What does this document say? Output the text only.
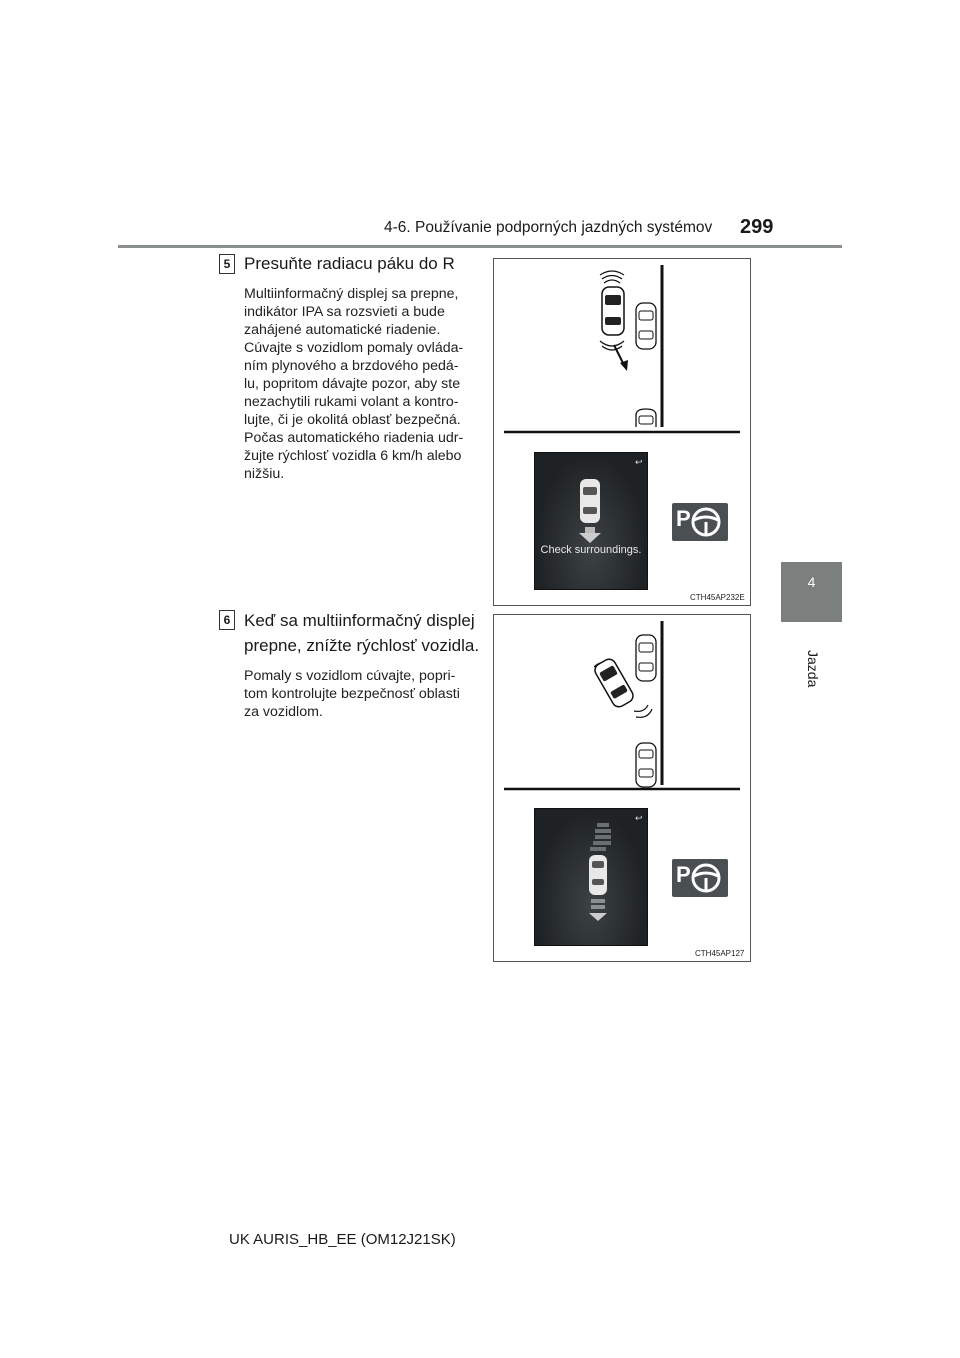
4-6. Používanie podporných jazdných systémov 299
4
Jazda
5 Presuňte radiacu páku do R
Multiinformačný displej sa prepne,
indikátor IPA sa rozsvieti a bude
zahájené automatické riadenie.
Cúvajte s vozidlom pomaly ovláda-
ním plynového a brzdového pedá-
lu, popritom dávajte pozor, aby ste
nezachytili rukami volant a kontro-
lujte, či je okolitá oblasť bezpečná.
Počas automatického riadenia udr-
žujte rýchlosť vozidla 6 km/h alebo
nižšiu.
↩
Check surroundings.
P
CTH45AP232E
6 Keď sa multiinformačný displej
prepne, znížte rýchlosť vozidla.
Pomaly s vozidlom cúvajte, popri-
tom kontrolujte bezpečnosť oblasti
za vozidlom.
↩
P
CTH45AP127
UK AURIS_HB_EE (OM12J21SK)
